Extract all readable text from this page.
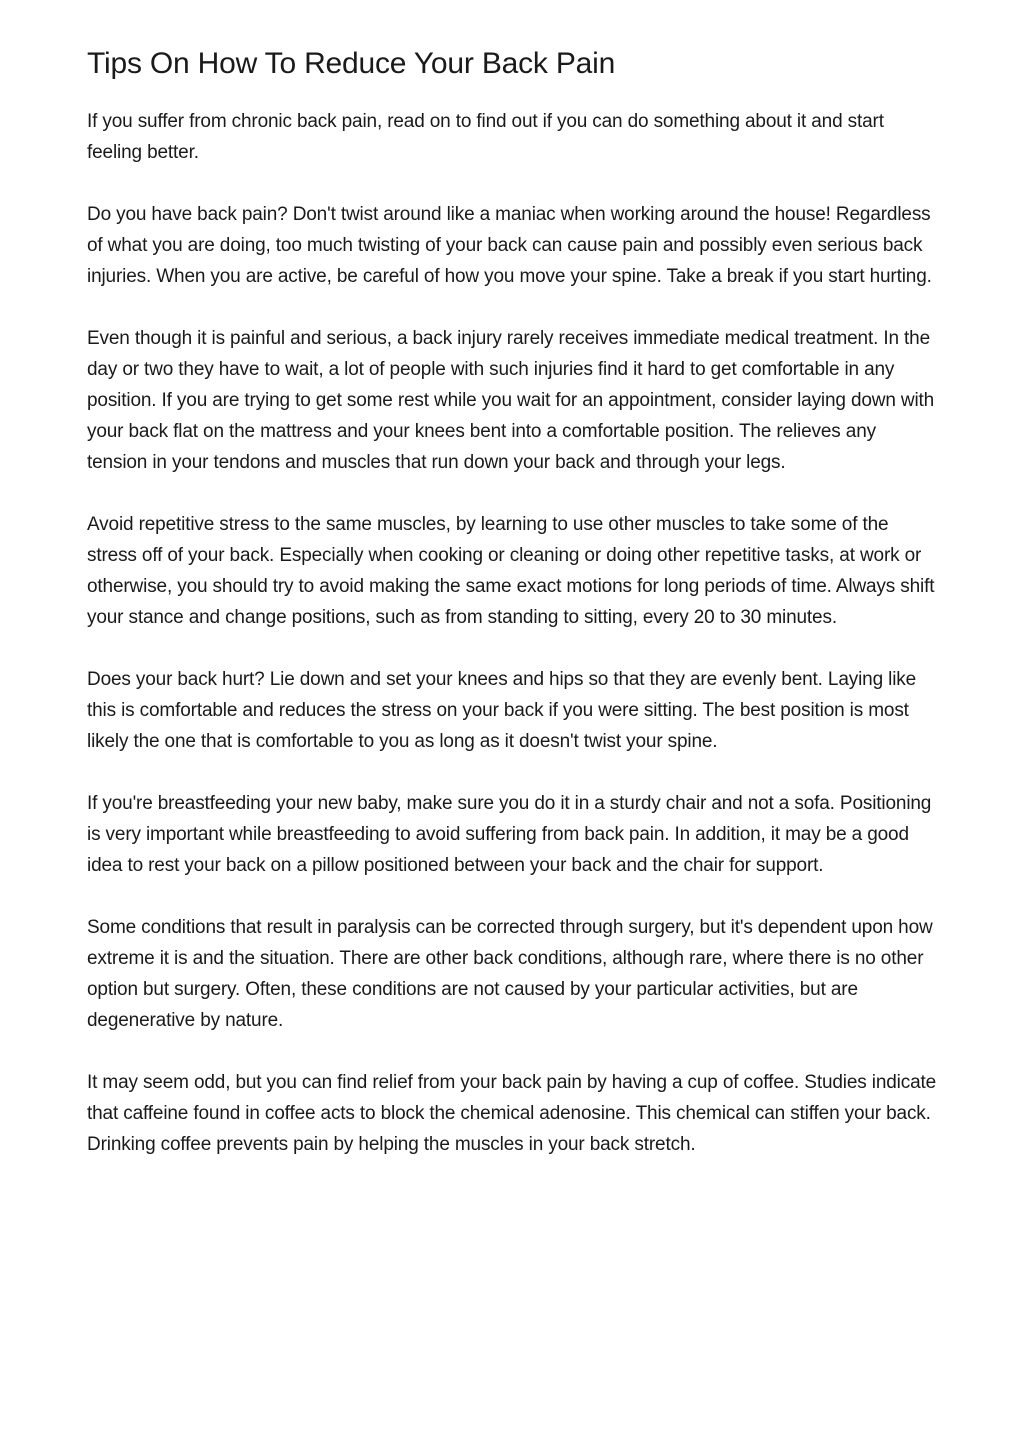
Tips On How To Reduce Your Back Pain

If you suffer from chronic back pain, read on to find out if you can do something about it and start feeling better.

Do you have back pain? Don't twist around like a maniac when working around the house! Regardless of what you are doing, too much twisting of your back can cause pain and possibly even serious back injuries. When you are active, be careful of how you move your spine. Take a break if you start hurting.

Even though it is painful and serious, a back injury rarely receives immediate medical treatment. In the day or two they have to wait, a lot of people with such injuries find it hard to get comfortable in any position. If you are trying to get some rest while you wait for an appointment, consider laying down with your back flat on the mattress and your knees bent into a comfortable position. The relieves any tension in your tendons and muscles that run down your back and through your legs.

Avoid repetitive stress to the same muscles, by learning to use other muscles to take some of the stress off of your back. Especially when cooking or cleaning or doing other repetitive tasks, at work or otherwise, you should try to avoid making the same exact motions for long periods of time. Always shift your stance and change positions, such as from standing to sitting, every 20 to 30 minutes.

Does your back hurt? Lie down and set your knees and hips so that they are evenly bent. Laying like this is comfortable and reduces the stress on your back if you were sitting. The best position is most likely the one that is comfortable to you as long as it doesn't twist your spine.

If you're breastfeeding your new baby, make sure you do it in a sturdy chair and not a sofa. Positioning is very important while breastfeeding to avoid suffering from back pain. In addition, it may be a good idea to rest your back on a pillow positioned between your back and the chair for support.

Some conditions that result in paralysis can be corrected through surgery, but it's dependent upon how extreme it is and the situation. There are other back conditions, although rare, where there is no other option but surgery. Often, these conditions are not caused by your particular activities, but are degenerative by nature.

It may seem odd, but you can find relief from your back pain by having a cup of coffee. Studies indicate that caffeine found in coffee acts to block the chemical adenosine. This chemical can stiffen your back. Drinking coffee prevents pain by helping the muscles in your back stretch.
